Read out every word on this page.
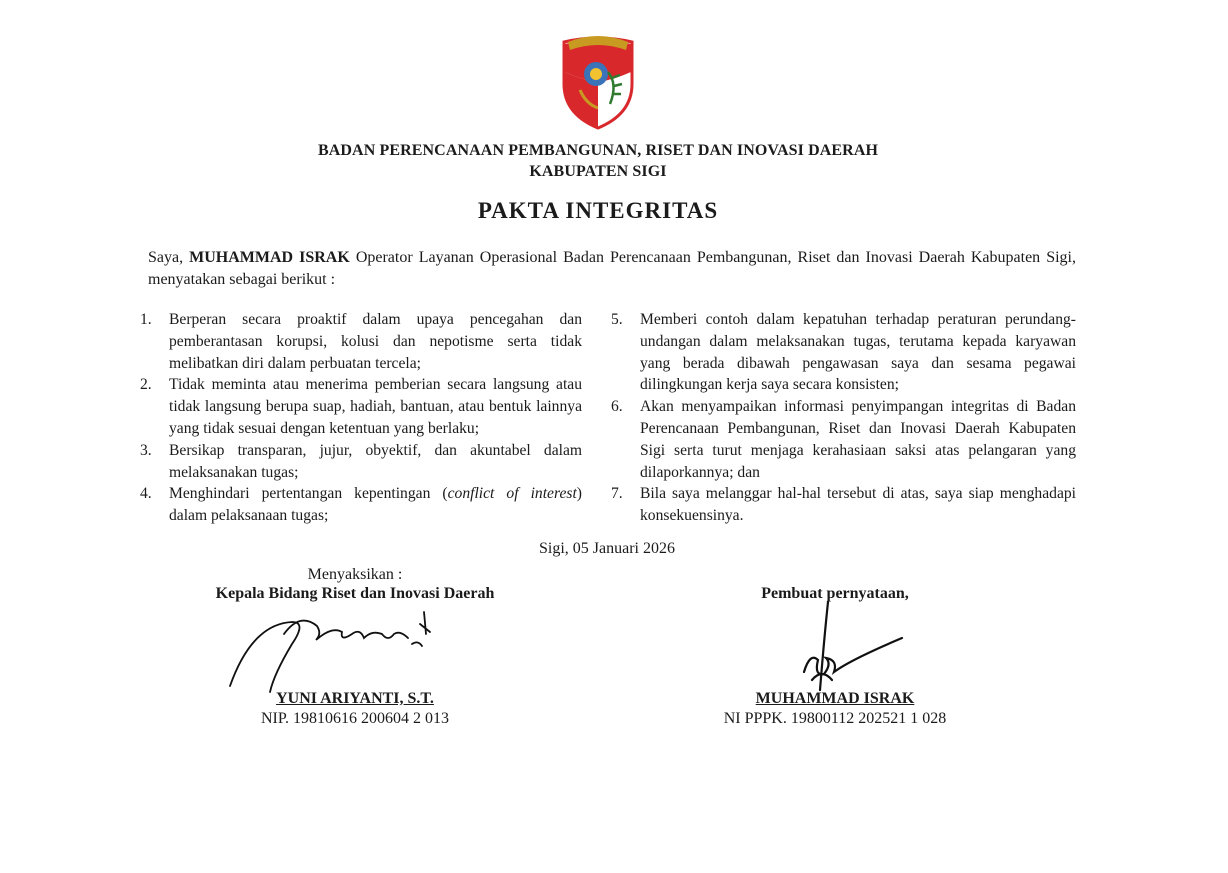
BADAN PERENCANAAN PEMBANGUNAN, RISET DAN INOVASI DAERAH
KABUPATEN SIGI
PAKTA INTEGRITAS
Saya, MUHAMMAD ISRAK Operator Layanan Operasional Badan Perencanaan Pembangunan, Riset dan Inovasi Daerah Kabupaten Sigi, menyatakan sebagai berikut :
1.	Berperan secara proaktif dalam upaya pencegahan dan pemberantasan korupsi, kolusi dan nepotisme serta tidak melibatkan diri dalam perbuatan tercela;
2.	Tidak meminta atau menerima pemberian secara langsung atau tidak langsung berupa suap, hadiah, bantuan, atau bentuk lainnya yang tidak sesuai dengan ketentuan yang berlaku;
3.	Bersikap transparan, jujur, obyektif, dan akuntabel dalam melaksanakan tugas;
4.	Menghindari pertentangan kepentingan (conflict of interest) dalam pelaksanaan tugas;
5.	Memberi contoh dalam kepatuhan terhadap peraturan perundang-undangan dalam melaksanakan tugas, terutama kepada karyawan yang berada dibawah pengawasan saya dan sesama pegawai dilingkungan kerja saya secara konsisten;
6.	Akan menyampaikan informasi penyimpangan integritas di Badan Perencanaan Pembangunan, Riset dan Inovasi Daerah Kabupaten Sigi serta turut menjaga kerahasiaan saksi atas pelangaran yang dilaporkannya; dan
7.	Bila saya melanggar hal-hal tersebut di atas, saya siap menghadapi konsekuensinya.
Sigi, 05 Januari 2026
Menyaksikan :
Kepala Bidang Riset dan Inovasi Daerah	Pembuat pernyataan,
YUNI ARIYANTI, S.T.	MUHAMMAD ISRAK
NIP. 19810616 200604 2 013	NI PPPK. 19800112 202521 1 028
